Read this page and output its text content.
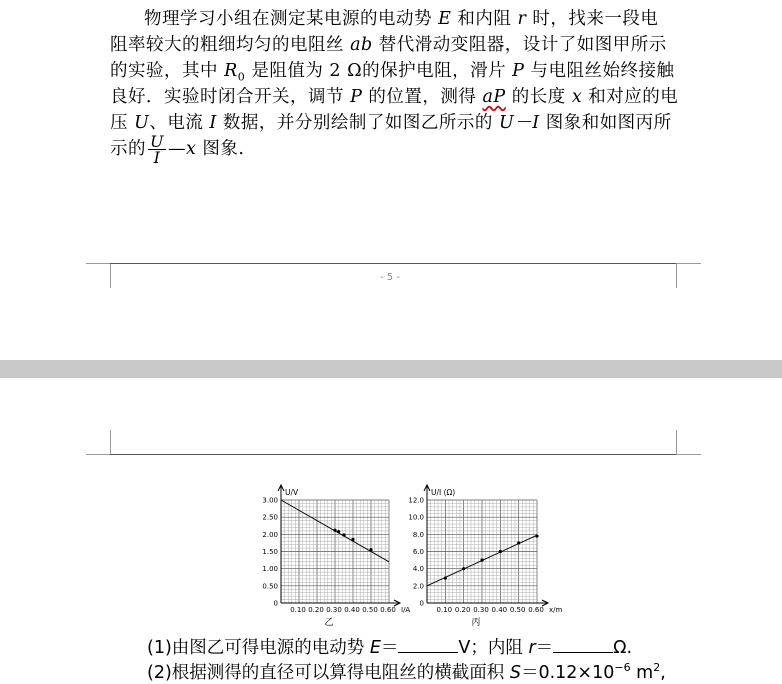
物理学习小组在测定某电源的电动势 E 和内阻 r 时，找来一段电
阻率较大的粗细均匀的电阻丝 ab 替代滑动变阻器，设计了如图甲所示
的实验，其中 $R_0$ 是阻值为 2 Ω的保护电阻，滑片 P 与电阻丝始终接触
良好．实验时闭合开关，调节 P 的位置，测得 aP 的长度 x 和对应的电
压 U、电流 I 数据，并分别绘制了如图乙所示的 U－I 图象和如图丙所
示的 $\frac{U}{I}$ —x 图象.
- 5 -
0
0.50
1.00
1.50
2.00
2.50
3.00
0.10 0.20 0.30 0.40 0.50 0.60 I/A
U/V
乙
0
2.0
4.0
6.0
8.0
10.0
12.0
0.10 0.20 0.30 0.40 0.50 0.60 x/m
U/I (Ω)
丙
(1)由图乙可得电源的电动势 E＝	V；内阻 r＝	Ω.
(2)根据测得的直径可以算得电阻丝的横截面积 $S=0.12\times 10^{-6}$ $m^2$,
